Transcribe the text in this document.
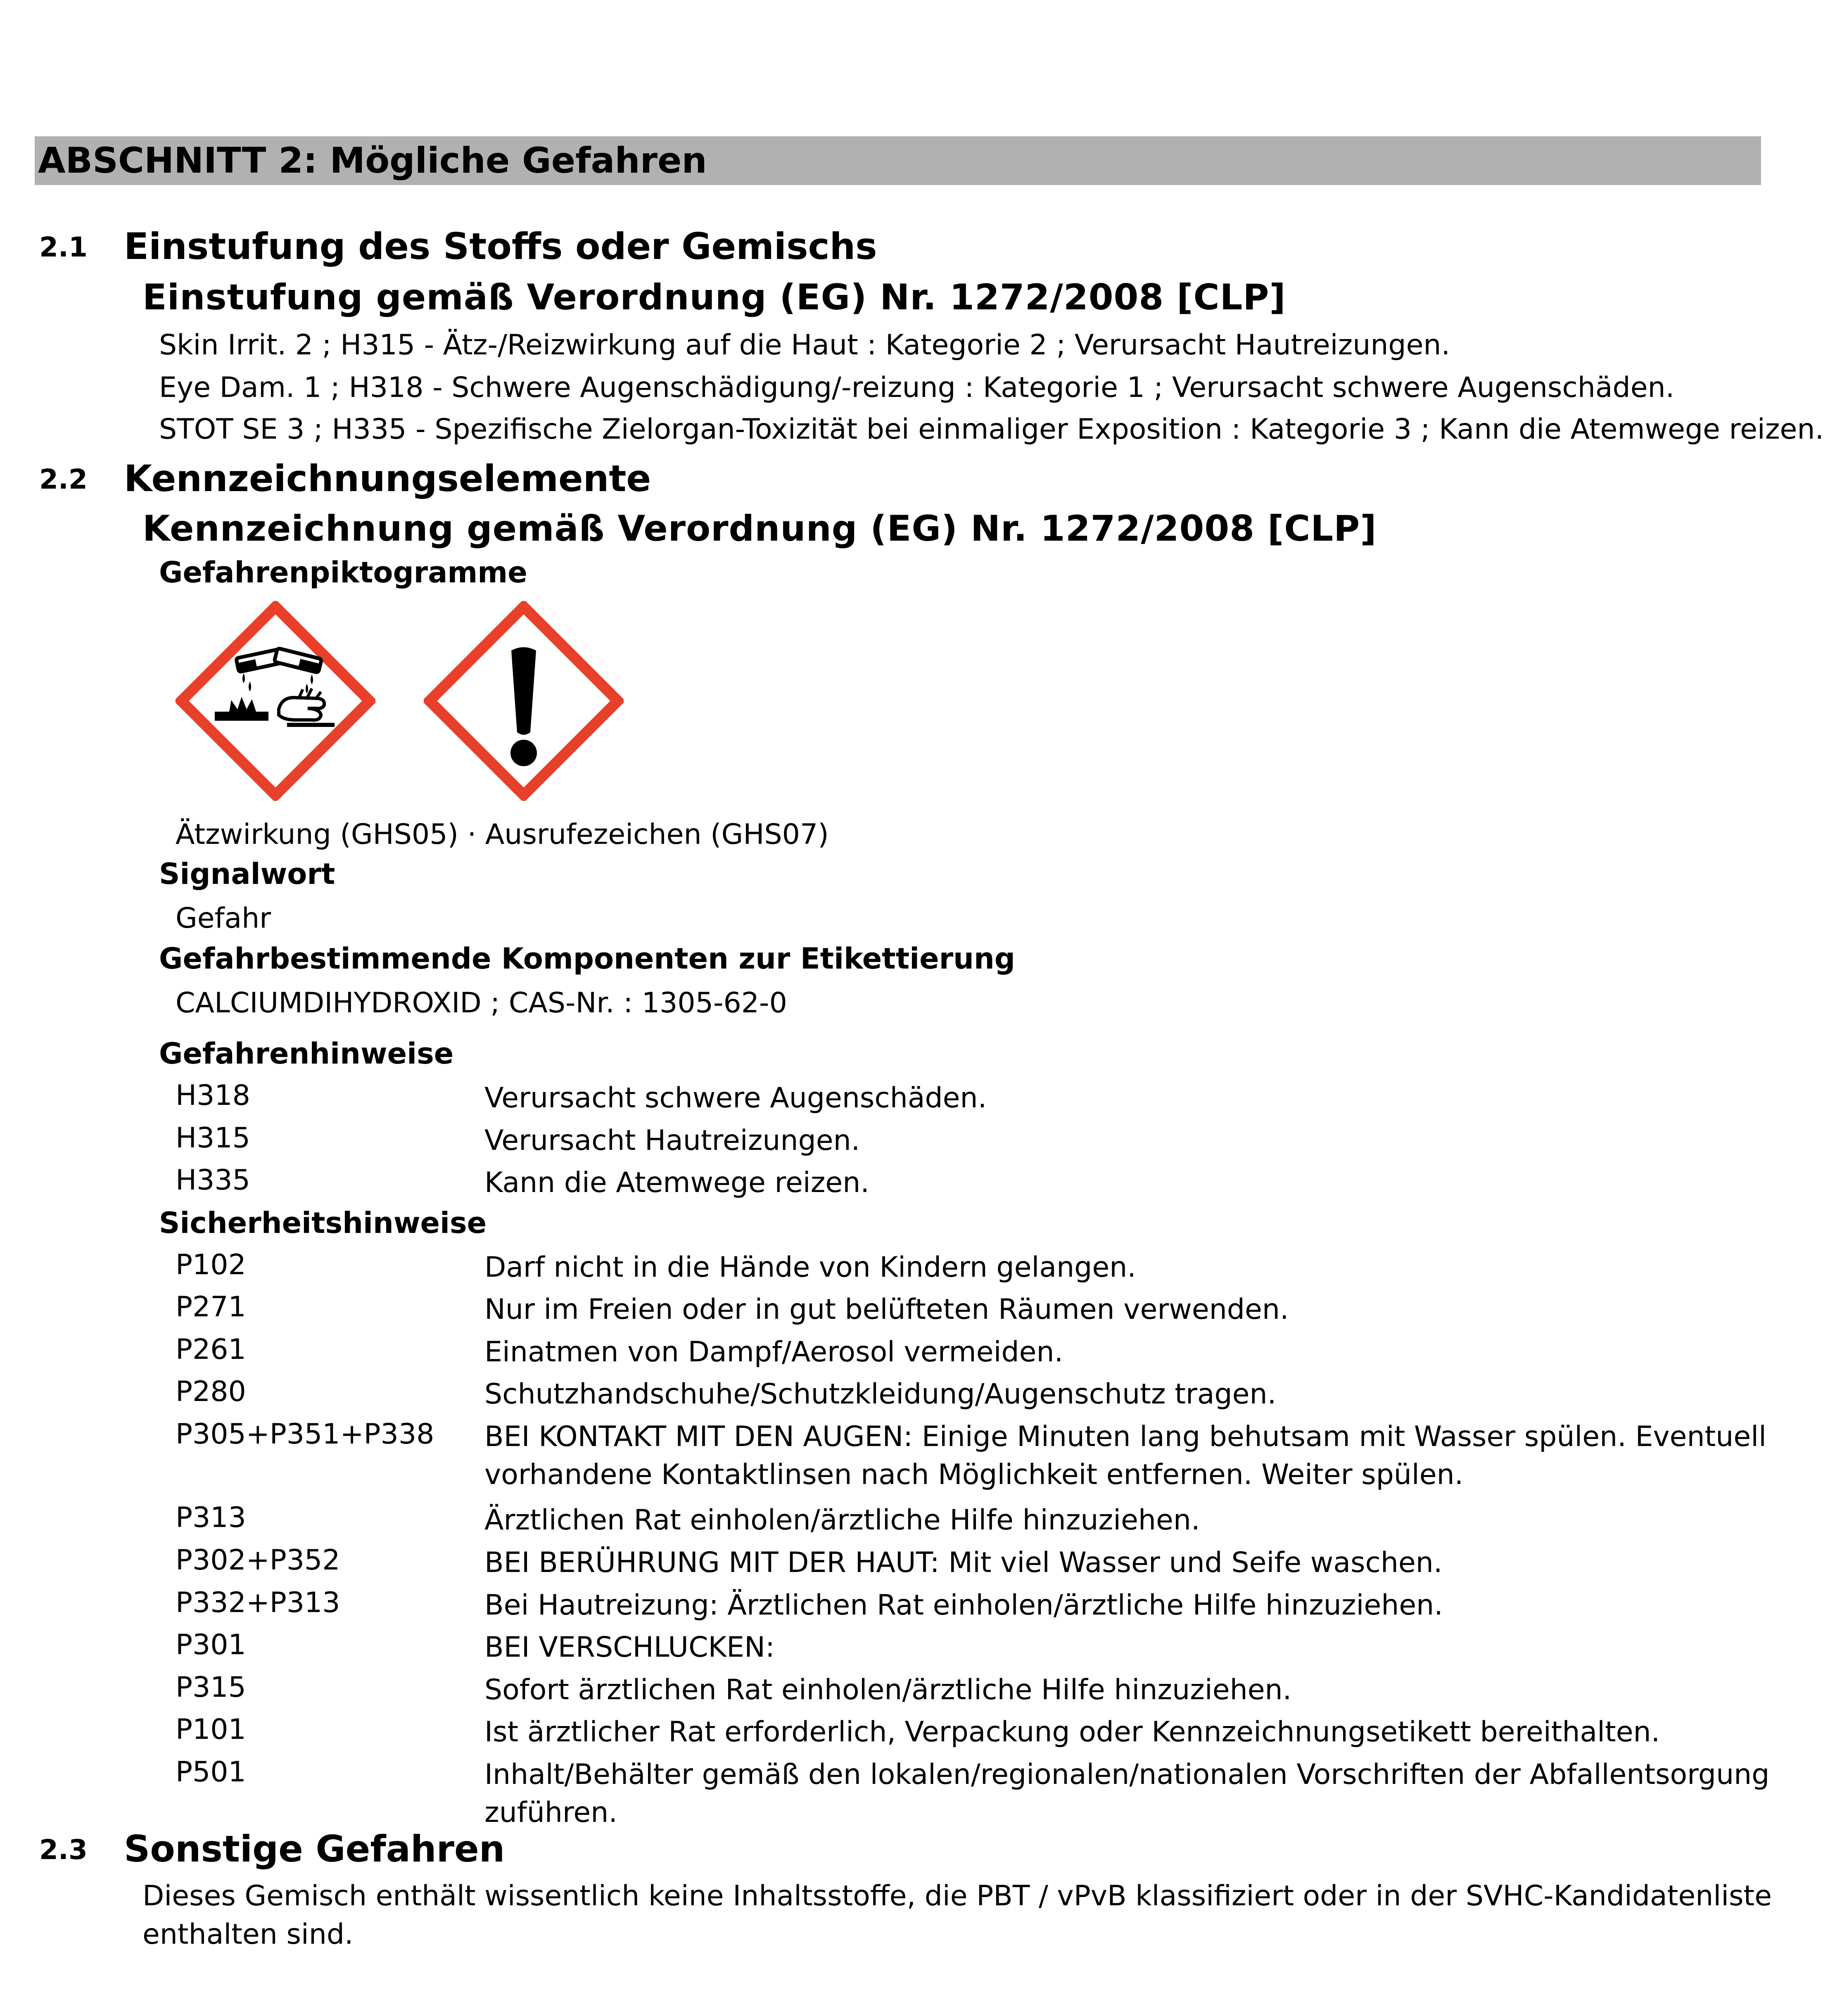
ABSCHNITT 2: Mögliche Gefahren
2.1 Einstufung des Stoffs oder Gemischs
Einstufung gemäß Verordnung (EG) Nr. 1272/2008 [CLP]
Skin Irrit. 2 ; H315 - Ätz-/Reizwirkung auf die Haut : Kategorie 2 ; Verursacht Hautreizungen.
Eye Dam. 1 ; H318 - Schwere Augenschädigung/-reizung : Kategorie 1 ; Verursacht schwere Augenschäden.
STOT SE 3 ; H335 - Spezifische Zielorgan-Toxizität bei einmaliger Exposition : Kategorie 3 ; Kann die Atemwege reizen.
2.2 Kennzeichnungselemente
Kennzeichnung gemäß Verordnung (EG) Nr. 1272/2008 [CLP]
Gefahrenpiktogramme
Ätzwirkung (GHS05) · Ausrufezeichen (GHS07)
Signalwort
Gefahr
Gefahrbestimmende Komponenten zur Etikettierung
CALCIUMDIHYDROXID ; CAS-Nr. : 1305-62-0
Gefahrenhinweise
H318	Verursacht schwere Augenschäden.
H315	Verursacht Hautreizungen.
H335	Kann die Atemwege reizen.
Sicherheitshinweise
P102	Darf nicht in die Hände von Kindern gelangen.
P271	Nur im Freien oder in gut belüfteten Räumen verwenden.
P261	Einatmen von Dampf/Aerosol vermeiden.
P280	Schutzhandschuhe/Schutzkleidung/Augenschutz tragen.
P305+P351+P338 BEI KONTAKT MIT DEN AUGEN: Einige Minuten lang behutsam mit Wasser spülen. Eventuell
vorhandene Kontaktlinsen nach Möglichkeit entfernen. Weiter spülen.
P313	Ärztlichen Rat einholen/ärztliche Hilfe hinzuziehen.
P302+P352	BEI BERÜHRUNG MIT DER HAUT: Mit viel Wasser und Seife waschen.
P332+P313	Bei Hautreizung: Ärztlichen Rat einholen/ärztliche Hilfe hinzuziehen.
P301	BEI VERSCHLUCKEN:
P315	Sofort ärztlichen Rat einholen/ärztliche Hilfe hinzuziehen.
P101	Ist ärztlicher Rat erforderlich, Verpackung oder Kennzeichnungsetikett bereithalten.
P501	Inhalt/Behälter gemäß den lokalen/regionalen/nationalen Vorschriften der Abfallentsorgung
zuführen.
2.3 Sonstige Gefahren
Dieses Gemisch enthält wissentlich keine Inhaltsstoffe, die PBT / vPvB klassifiziert oder in der SVHC-Kandidatenliste
enthalten sind.
